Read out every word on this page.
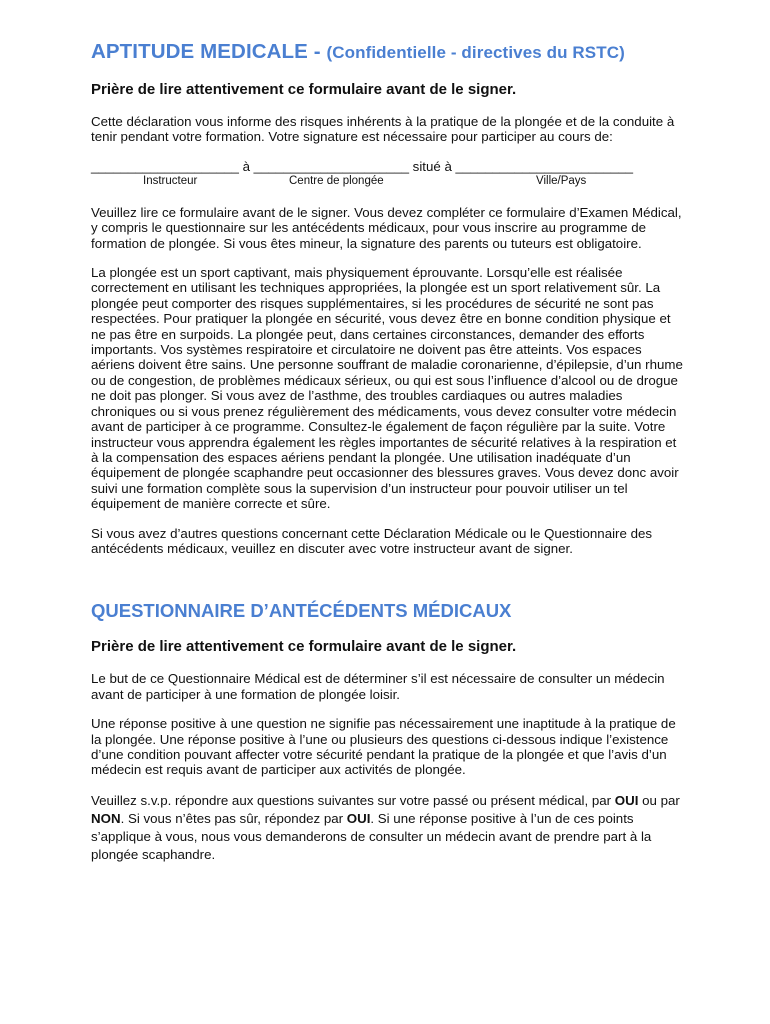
APTITUDE MEDICALE - (Confidentielle - directives du RSTC)
Prière de lire attentivement ce formulaire avant de le signer.

Cette déclaration vous informe des risques inhérents à la pratique de la plongée et de la conduite à tenir pendant votre formation. Votre signature est nécessaire pour participer au cours de:

____________________ à _____________________ situé à ________________________
Instructeur	Centre de plongée	Ville/Pays

Veuillez lire ce formulaire avant de le signer. Vous devez compléter ce formulaire d’Examen Médical, y compris le questionnaire sur les antécédents médicaux, pour vous inscrire au programme de formation de plongée. Si vous êtes mineur, la signature des parents ou tuteurs est obligatoire.

La plongée est un sport captivant, mais physiquement éprouvante. Lorsqu’elle est réalisée correctement en utilisant les techniques appropriées, la plongée est un sport relativement sûr. La plongée peut comporter des risques supplémentaires, si les procédures de sécurité ne sont pas respectées. Pour pratiquer la plongée en sécurité, vous devez être en bonne condition physique et ne pas être en surpoids. La plongée peut, dans certaines circonstances, demander des efforts importants. Vos systèmes respiratoire et circulatoire ne doivent pas être atteints. Vos espaces aériens doivent être sains. Une personne souffrant de maladie coronarienne, d’épilepsie, d’un rhume ou de congestion, de problèmes médicaux sérieux, ou qui est sous l’influence d’alcool ou de drogue ne doit pas plonger. Si vous avez de l’asthme, des troubles cardiaques ou autres maladies chroniques ou si vous prenez régulièrement des médicaments, vous devez consulter votre médecin avant de participer à ce programme. Consultez-le également de façon régulière par la suite. Votre instructeur vous apprendra également les règles importantes de sécurité relatives à la respiration et à la compensation des espaces aériens pendant la plongée. Une utilisation inadéquate d’un équipement de plongée scaphandre peut occasionner des blessures graves. Vous devez donc avoir suivi une formation complète sous la supervision d’un instructeur pour pouvoir utiliser un tel équipement de manière correcte et sûre.

Si vous avez d’autres questions concernant cette Déclaration Médicale ou le Questionnaire des antécédents médicaux, veuillez en discuter avec votre instructeur avant de signer.

QUESTIONNAIRE D’ANTÉCÉDENTS MÉDICAUX
Prière de lire attentivement ce formulaire avant de le signer.

Le but de ce Questionnaire Médical est de déterminer s’il est nécessaire de consulter un médecin avant de participer à une formation de plongée loisir.

Une réponse positive à une question ne signifie pas nécessairement une inaptitude à la pratique de la plongée. Une réponse positive à l’une ou plusieurs des questions ci-dessous indique l’existence d’une condition pouvant affecter votre sécurité pendant la pratique de la plongée et que l’avis d’un médecin est requis avant de participer aux activités de plongée.

Veuillez s.v.p. répondre aux questions suivantes sur votre passé ou présent médical, par OUI ou par NON. Si vous n’êtes pas sûr, répondez par OUI. Si une réponse positive à l’un de ces points s’applique à vous, nous vous demanderons de consulter un médecin avant de prendre part à la plongée scaphandre.
